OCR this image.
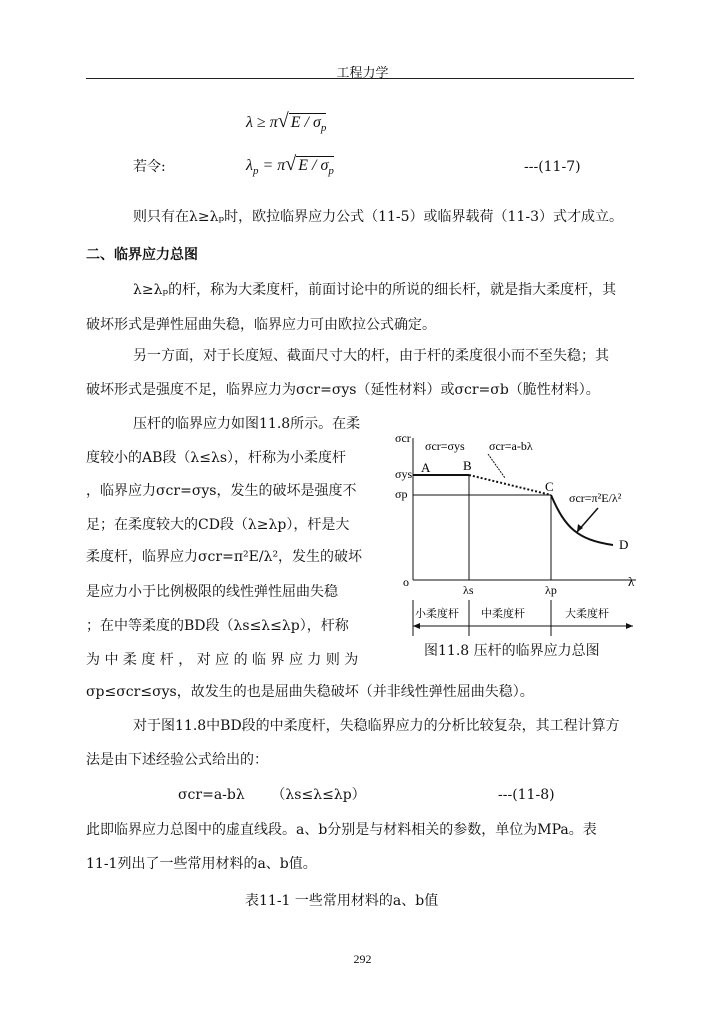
工程力学
λ ≥ π√ E / $\sigma_p$
若令:	$\lambda_p = \pi√$ E / $\sigma_p$	---(11-7)
则只有在λ≥λₚ时，欧拉临界应力公式（11-5）或临界载荷（11-3）式才成立。
二、临界应力总图
λ≥λₚ的杆，称为大柔度杆，前面讨论中的所说的细长杆，就是指大柔度杆，其
破坏形式是弹性屈曲失稳，临界应力可由欧拉公式确定。
另一方面，对于长度短、截面尺寸大的杆，由于杆的柔度很小而不至失稳；其
破坏形式是强度不足，临界应力为σcr=σys（延性材料）或σcr=σb（脆性材料）。
压杆的临界应力如图11.8所示。在柔
度较小的AB段（λ≤λs），杆称为小柔度杆
，临界应力σcr=σys，发生的破坏是强度不
足；在柔度较大的CD段（λ≥λp），杆是大
柔度杆，临界应力σcr=π²E/λ²，发生的破坏
是应力小于比例极限的线性弹性屈曲失稳
；在中等柔度的BD段（λs≤λ≤λp），杆称
为 中 柔 度 杆 ， 对 应 的 临 界 应 力 则 为
σp≤σcr≤σys，故发生的也是屈曲失稳破坏（并非线性弹性屈曲失稳）。
σcr
λ
o
σys
σp
A	B
C
D
λs	λp
σcr=σys σcr=a-bλ
σcr=π²E/λ²
小柔度杆 中柔度杆	大柔度杆
图11.8 压杆的临界应力总图
对于图11.8中BD段的中柔度杆，失稳临界应力的分析比较复杂，其工程计算方
法是由下述经验公式给出的：
σcr=a-bλ      （λs≤λ≤λp）	---(11-8)
此即临界应力总图中的虚直线段。a、b分别是与材料相关的参数，单位为MPa。表
11-1列出了一些常用材料的a、b值。
表11-1 一些常用材料的a、b值
292
